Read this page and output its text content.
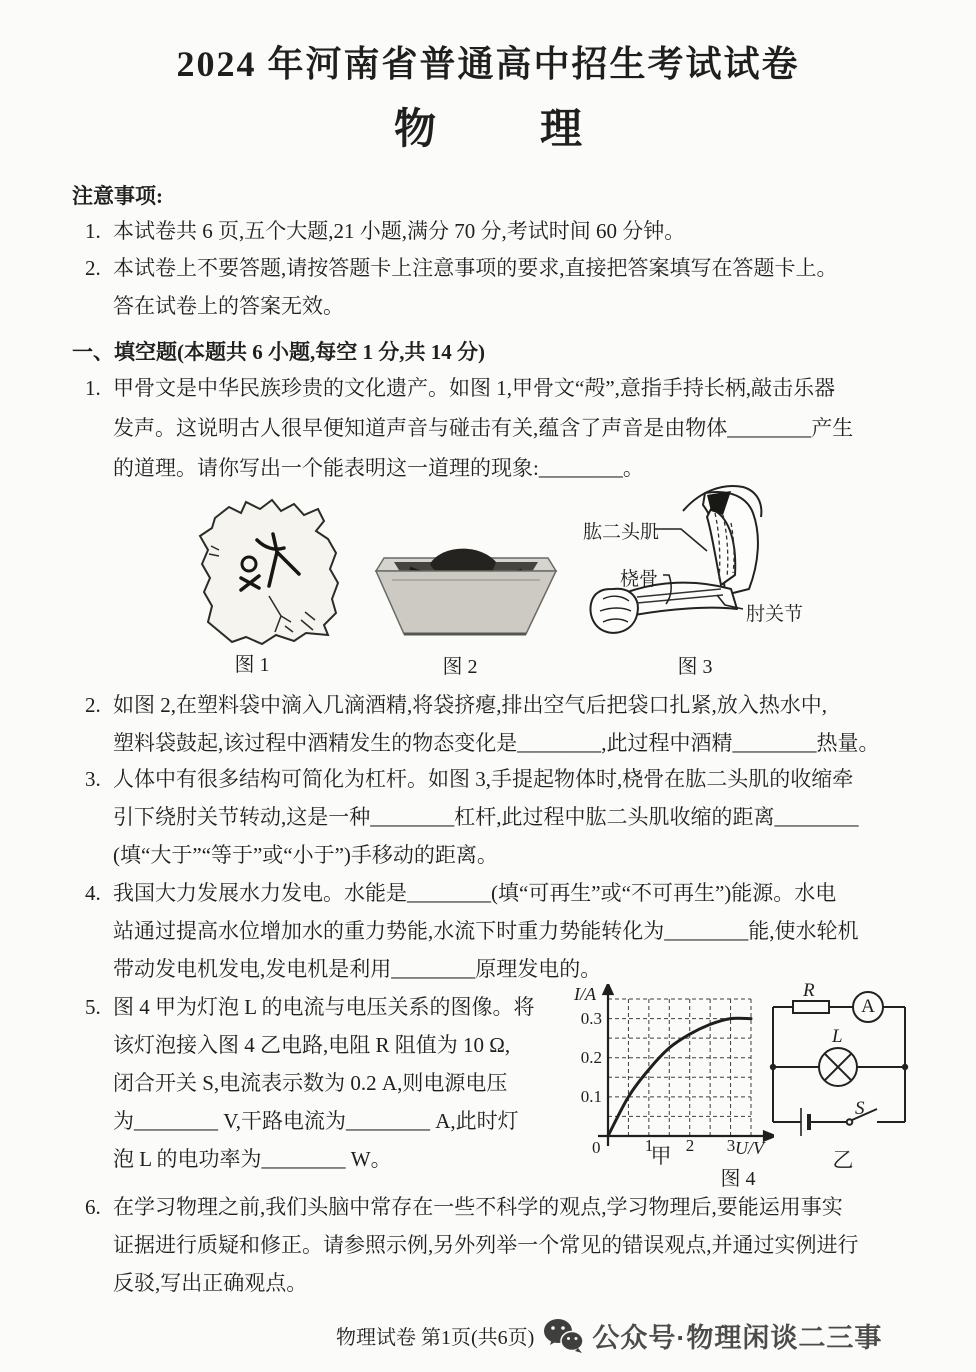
2024 年河南省普通高中招生考试试卷
物 理
注意事项:
1. 本试卷共 6 页,五个大题,21 小题,满分 70 分,考试时间 60 分钟。
2. 本试卷上不要答题,请按答题卡上注意事项的要求,直接把答案填写在答题卡上。
答在试卷上的答案无效。
一、填空题(本题共 6 小题,每空 1 分,共 14 分)
1. 甲骨文是中华民族珍贵的文化遗产。如图 1,甲骨文“殸”,意指手持长柄,敲击乐器
发声。这说明古人很早便知道声音与碰击有关,蕴含了声音是由物体________产生
的道理。请你写出一个能表明这一道理的现象:________。
肱二头肌
桡骨
肘关节
图 1	图 2	图 3
2. 如图 2,在塑料袋中滴入几滴酒精,将袋挤瘪,排出空气后把袋口扎紧,放入热水中,
塑料袋鼓起,该过程中酒精发生的物态变化是________,此过程中酒精________热量。
3. 人体中有很多结构可简化为杠杆。如图 3,手提起物体时,桡骨在肱二头肌的收缩牵
引下绕肘关节转动,这是一种________杠杆,此过程中肱二头肌收缩的距离________
(填“大于”“等于”或“小于”)手移动的距离。
4. 我国大力发展水力发电。水能是________(填“可再生”或“不可再生”)能源。水电
站通过提高水位增加水的重力势能,水流下时重力势能转化为________能,使水轮机
带动发电机发电,发电机是利用________原理发电的。
5. 图 4 甲为灯泡 L 的电流与电压关系的图像。将
该灯泡接入图 4 乙电路,电阻 R 阻值为 10 Ω,
闭合开关 S,电流表示数为 0.2 A,则电源电压
为________ V,干路电流为________ A,此时灯
泡 L 的电功率为________ W。
I/A
U/V
0.3
0.2
0.1
0	1 2 3
甲
图 4
R
A
L
S
乙
6. 在学习物理之前,我们头脑中常存在一些不科学的观点,学习物理后,要能运用事实
证据进行质疑和修正。请参照示例,另外列举一个常见的错误观点,并通过实例进行
反驳,写出正确观点。
物理试卷 第1页(共6页) 公众号·物理闲谈二三事
